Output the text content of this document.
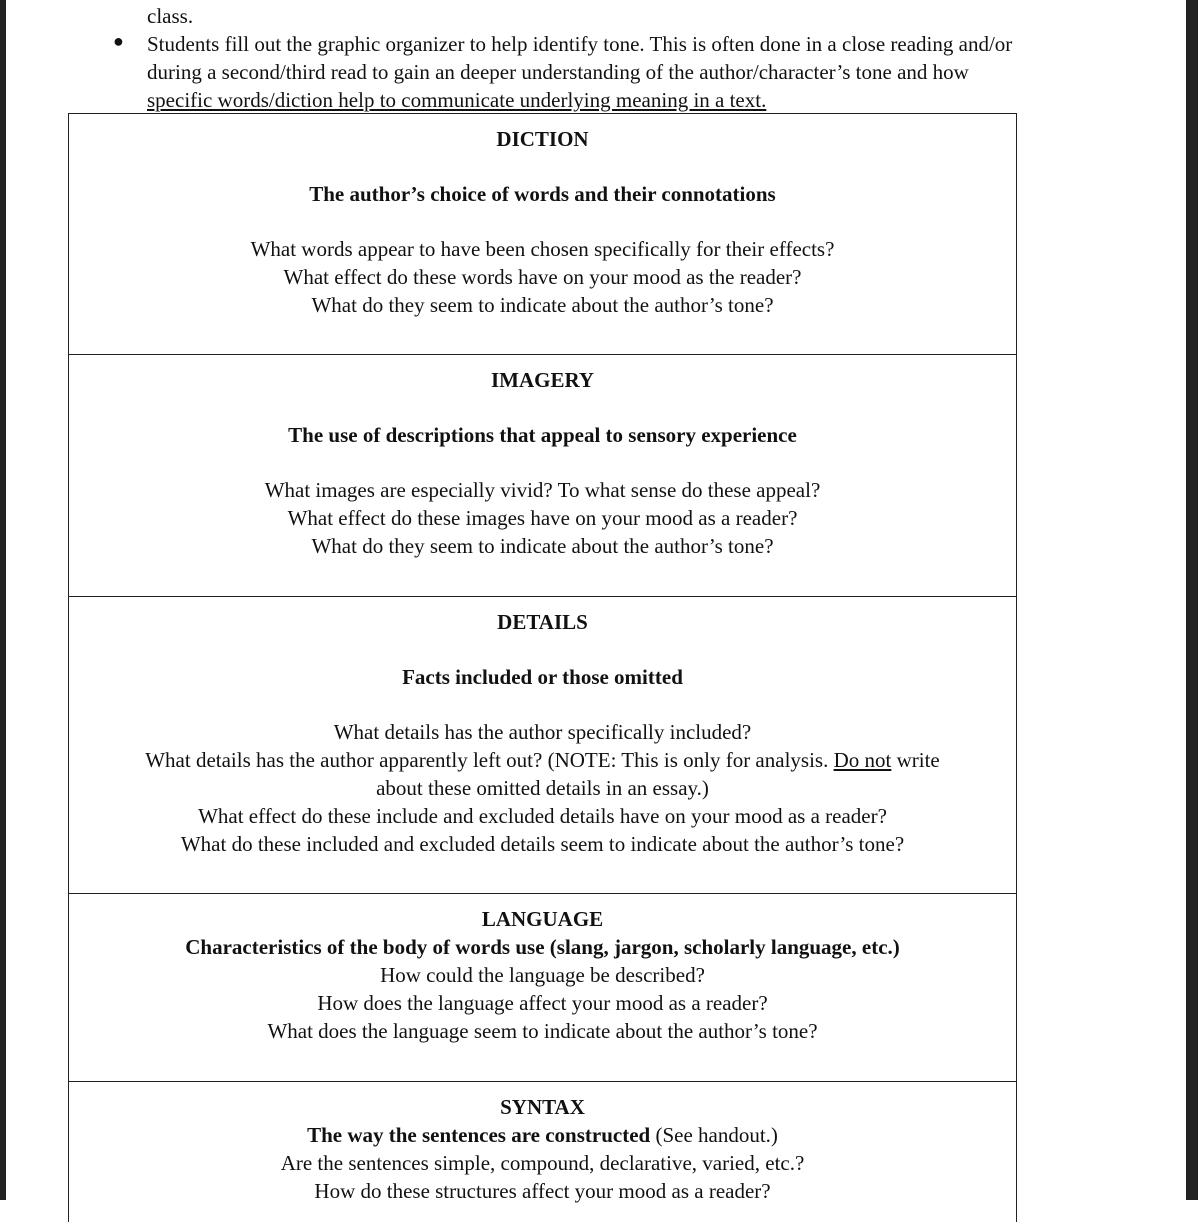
class.
Students fill out the graphic organizer to help identify tone. This is often done in a close reading and/or
during a second/third read to gain an deeper understanding of the author/character’s tone and how
specific words/diction help to communicate underlying meaning in a text.
●
DICTION
The author’s choice of words and their connotations
What words appear to have been chosen specifically for their effects?
What effect do these words have on your mood as the reader?
What do they seem to indicate about the author’s tone?
IMAGERY
The use of descriptions that appeal to sensory experience
What images are especially vivid? To what sense do these appeal?
What effect do these images have on your mood as a reader?
What do they seem to indicate about the author’s tone?
DETAILS
Facts included or those omitted
What details has the author specifically included?
What details has the author apparently left out? (NOTE: This is only for analysis. Do not write
about these omitted details in an essay.)
What effect do these include and excluded details have on your mood as a reader?
What do these included and excluded details seem to indicate about the author’s tone?
LANGUAGE
Characteristics of the body of words use (slang, jargon, scholarly language, etc.)
How could the language be described?
How does the language affect your mood as a reader?
What does the language seem to indicate about the author’s tone?
SYNTAX
The way the sentences are constructed (See handout.)
Are the sentences simple, compound, declarative, varied, etc.?
How do these structures affect your mood as a reader?
